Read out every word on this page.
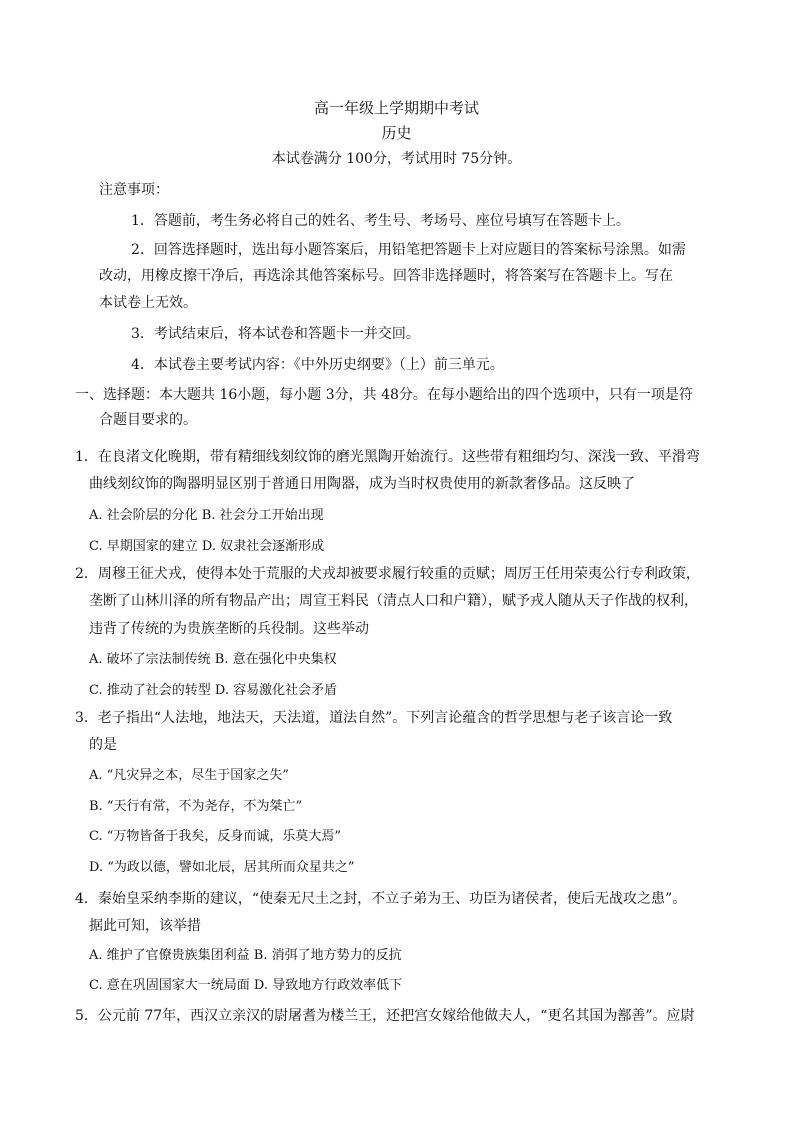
高一年级上学期期中考试
历史
本试卷满分 100分，考试用时 75分钟。
注意事项：
1．答题前，考生务必将自己的姓名、考生号、考场号、座位号填写在答题卡上。
2．回答选择题时，选出每小题答案后，用铅笔把答题卡上对应题目的答案标号涂黑。如需
改动，用橡皮擦干净后，再选涂其他答案标号。回答非选择题时，将答案写在答题卡上。写在
本试卷上无效。
3．考试结束后，将本试卷和答题卡一并交回。
4．本试卷主要考试内容：《中外历史纲要》（上）前三单元。
一、选择题：本大题共 16小题，每小题 3分，共 48分。在每小题给出的四个选项中，只有一项是符
合题目要求的。
1．在良渚文化晚期，带有精细线刻纹饰的磨光黑陶开始流行。这些带有粗细均匀、深浅一致、平滑弯
曲线刻纹饰的陶器明显区别于普通日用陶器，成为当时权贵使用的新款奢侈品。这反映了
A. 社会阶层的分化 B. 社会分工开始出现
C. 早期国家的建立 D. 奴隶社会逐渐形成
2．周穆王征犬戎，使得本处于荒服的犬戎却被要求履行较重的贡赋；周厉王任用荣夷公行专利政策，
垄断了山林川泽的所有物品产出；周宣王料民（清点人口和户籍），赋予戎人随从天子作战的权利，
违背了传统的为贵族垄断的兵役制。这些举动
A. 破坏了宗法制传统 B. 意在强化中央集权
C. 推动了社会的转型 D. 容易激化社会矛盾
3．老子指出“人法地，地法天，天法道，道法自然”。下列言论蕴含的哲学思想与老子该言论一致
的是
A. “凡灾异之本，尽生于国家之失”
B. “天行有常，不为尧存，不为桀亡”
C. “万物皆备于我矣，反身而诚，乐莫大焉”
D. “为政以德，譬如北辰，居其所而众星共之”
4．秦始皇采纳李斯的建议，“使秦无尺土之封，不立子弟为王、功臣为诸侯者，使后无战攻之患”。
据此可知，该举措
A. 维护了官僚贵族集团利益 B. 消弭了地方势力的反抗
C. 意在巩固国家大一统局面 D. 导致地方行政效率低下
5．公元前 77年，西汉立亲汉的尉屠耆为楼兰王，还把宫女嫁给他做夫人，“更名其国为鄯善”。应尉
